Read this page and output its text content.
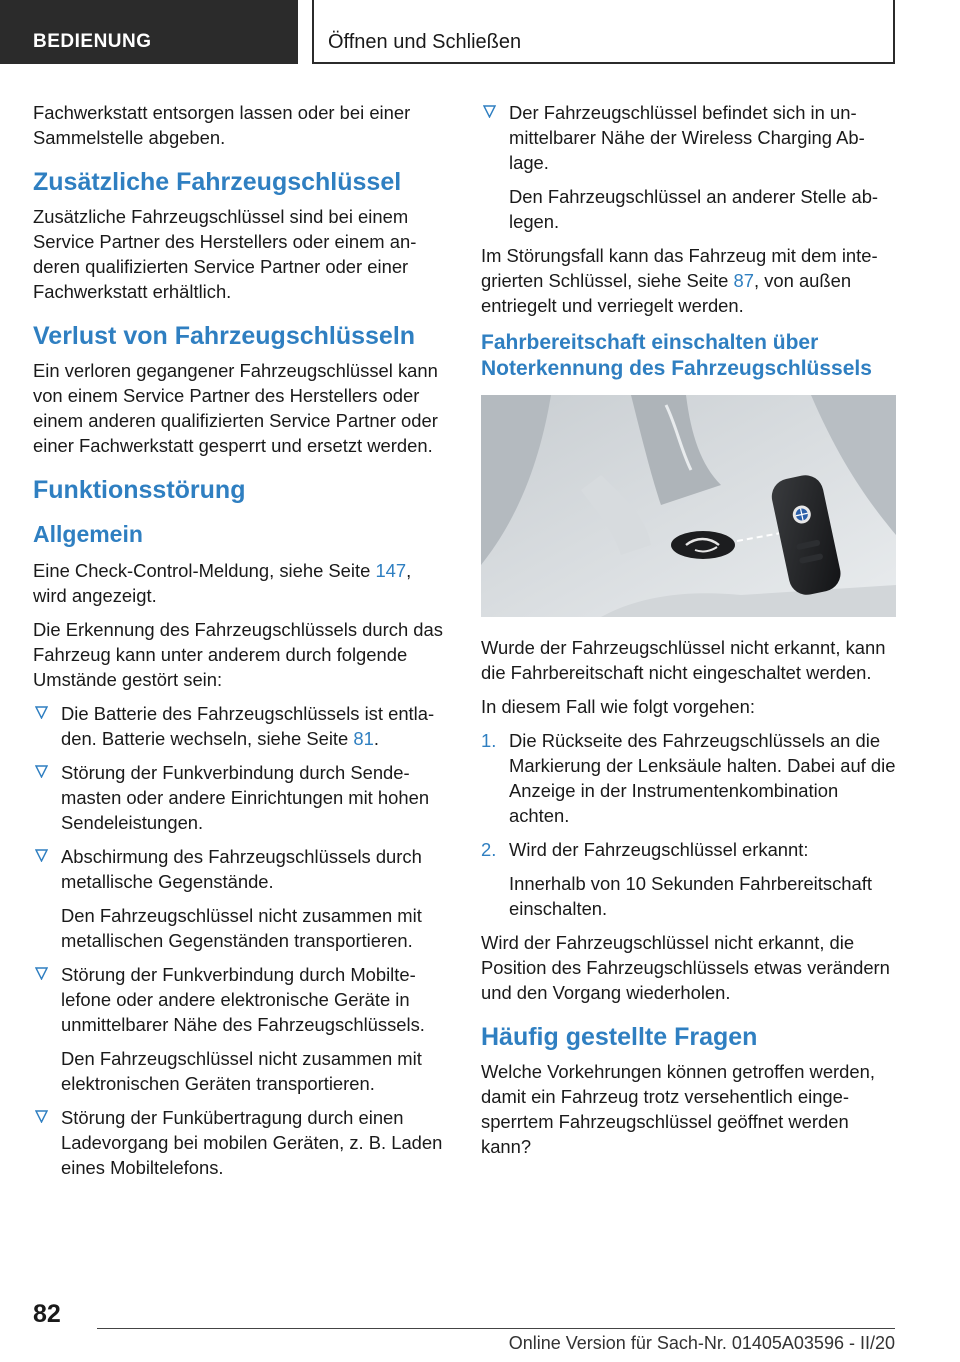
BEDIENUNG	Öffnen und Schließen

Fachwerkstatt entsorgen lassen oder bei einer Sammelstelle abgeben.

Zusätzliche Fahrzeugschlüssel

Zusätzliche Fahrzeugschlüssel sind bei einem Service Partner des Herstellers oder einem anderen qualifizierten Service Partner oder einer Fachwerkstatt erhältlich.

Verlust von Fahrzeugschlüsseln

Ein verloren gegangener Fahrzeugschlüssel kann von einem Service Partner des Herstellers oder einem anderen qualifizierten Service Partner oder einer Fachwerkstatt gesperrt und ersetzt werden.

Funktionsstörung
Allgemein

Eine Check-Control-Meldung, siehe Seite 147, wird angezeigt.

Die Erkennung des Fahrzeugschlüssels durch das Fahrzeug kann unter anderem durch folgende Umstände gestört sein:

Die Batterie des Fahrzeugschlüssels ist entladen. Batterie wechseln, siehe Seite 81.
Störung der Funkverbindung durch Sendemasten oder andere Einrichtungen mit hohen Sendeleistungen.
Abschirmung des Fahrzeugschlüssels durch metallische Gegenstände.

Den Fahrzeugschlüssel nicht zusammen mit metallischen Gegenständen transportieren.

Störung der Funkverbindung durch Mobiltelefone oder andere elektronische Geräte in unmittelbarer Nähe des Fahrzeugschlüssels.

Den Fahrzeugschlüssel nicht zusammen mit elektronischen Geräten transportieren.

Störung der Funkübertragung durch einen Ladevorgang bei mobilen Geräten, z. B. Laden eines Mobiltelefons.
Der Fahrzeugschlüssel befindet sich in unmittelbarer Nähe der Wireless Charging Ablage.

Den Fahrzeugschlüssel an anderer Stelle ablegen.

Im Störungsfall kann das Fahrzeug mit dem integrierten Schlüssel, siehe Seite 87, von außen entriegelt und verriegelt werden.

Fahrbereitschaft einschalten über Noterkennung des Fahrzeugschlüssels

Wurde der Fahrzeugschlüssel nicht erkannt, kann die Fahrbereitschaft nicht eingeschaltet werden.

In diesem Fall wie folgt vorgehen:

1. Die Rückseite des Fahrzeugschlüssels an die Markierung der Lenksäule halten. Dabei auf die Anzeige in der Instrumentenkombination achten.
2. Wird der Fahrzeugschlüssel erkannt:

Innerhalb von 10 Sekunden Fahrbereitschaft einschalten.

Wird der Fahrzeugschlüssel nicht erkannt, die Position des Fahrzeugschlüssels etwas verändern und den Vorgang wiederholen.

Häufig gestellte Fragen

Welche Vorkehrungen können getroffen werden, damit ein Fahrzeug trotz versehentlich eingesperrtem Fahrzeugschlüssel geöffnet werden kann?

82
Online Version für Sach-Nr. 01405A03596 - II/20
